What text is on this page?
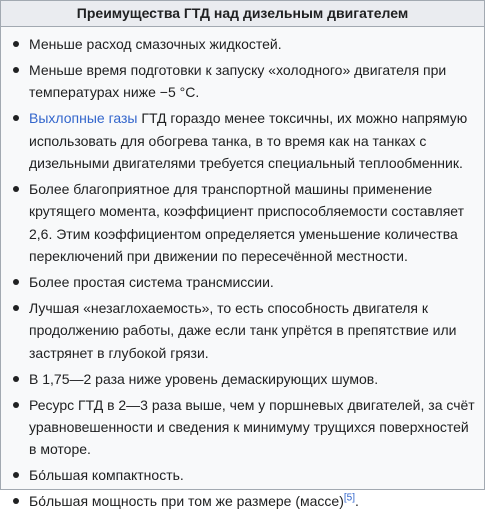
Преимущества ГТД над дизельным двигателем
Меньше расход смазочных жидкостей.
Меньше время подготовки к запуску «холодного» двигателя при температурах ниже −5 °C.
Выхлопные газы ГТД гораздо менее токсичны, их можно напрямую использовать для обогрева танка, в то время как на танках с дизельными двигателями требуется специальный теплообменник.
Более благоприятное для транспортной машины применение крутящего момента, коэффициент приспособляемости составляет 2,6. Этим коэффициентом определяется уменьшение количества переключений при движении по пересечённой местности.
Более простая система трансмиссии.
Лучшая «незаглохаемость», то есть способность двигателя к продолжению работы, даже если танк упрётся в препятствие или застрянет в глубокой грязи.
В 1,75—2 раза ниже уровень демаскирующих шумов.
Ресурс ГТД в 2—3 раза выше, чем у поршневых двигателей, за счёт уравновешенности и сведения к минимуму трущихся поверхностей в моторе.
Бо́льшая компактность.
Бо́льшая мощность при том же размере (массе)[5].
